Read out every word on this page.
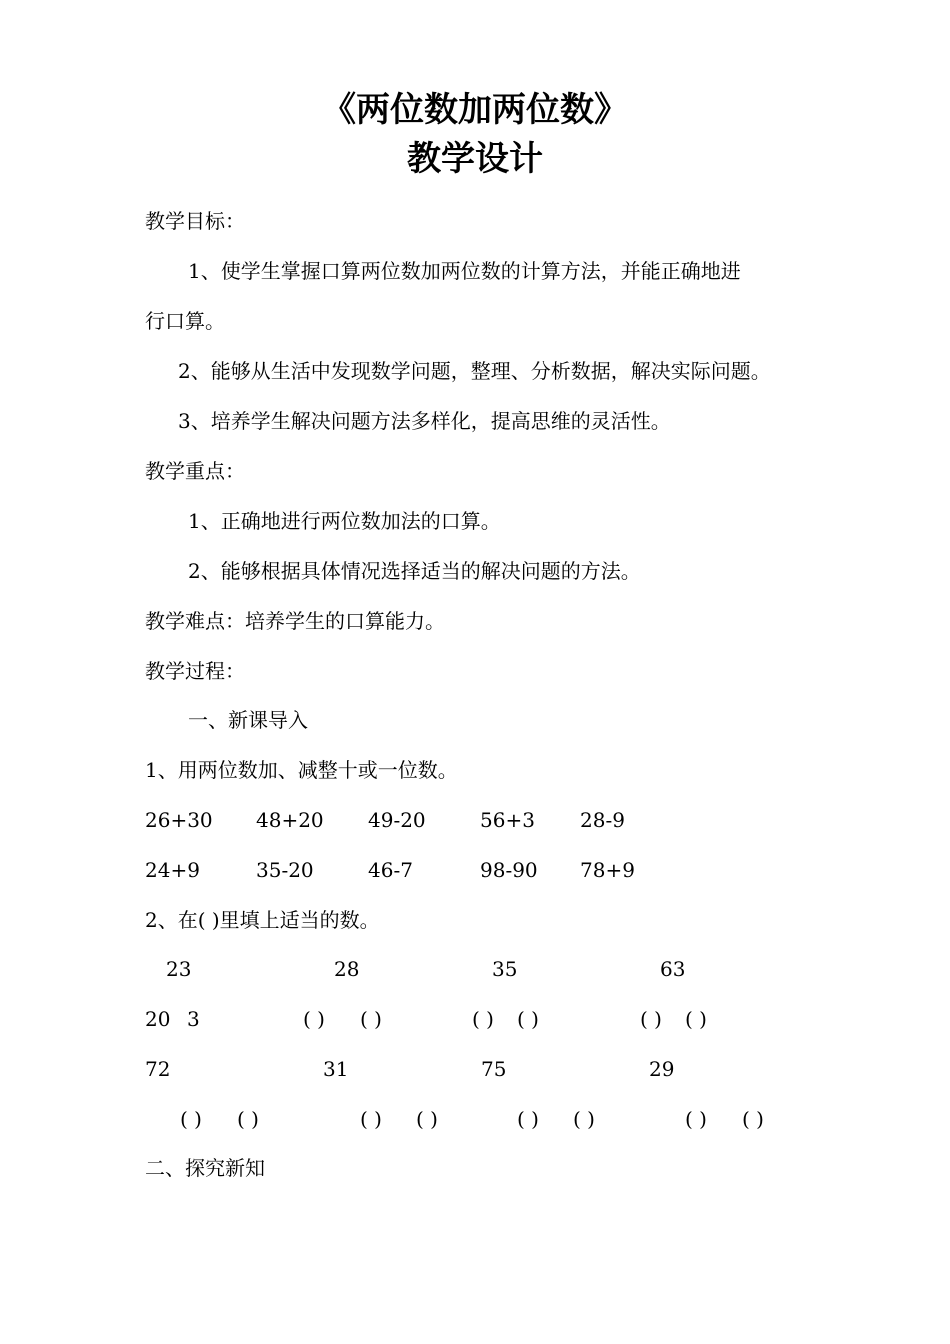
《两位数加两位数》
教学设计
教学目标：
1、使学生掌握口算两位数加两位数的计算方法，并能正确地进
行口算。
2、能够从生活中发现数学问题，整理、分析数据，解决实际问题。
3、培养学生解决问题方法多样化，提高思维的灵活性。
教学重点：
1、正确地进行两位数加法的口算。
2、能够根据具体情况选择适当的解决问题的方法。
教学难点：培养学生的口算能力。
教学过程：
一、新课导入
1、用两位数加、减整十或一位数。
26+30 48+20 49-20	56+3 28-9
24+9	35-20	46-7	98-90 78+9
2、在( )里填上适当的数。
23	28	35	63
20 3	( ) ( )	( ) ( )	( ) ( )
72	31	75	29
( ) ( )	( ) ( )	( ) ( )	( ) ( )
二、探究新知
